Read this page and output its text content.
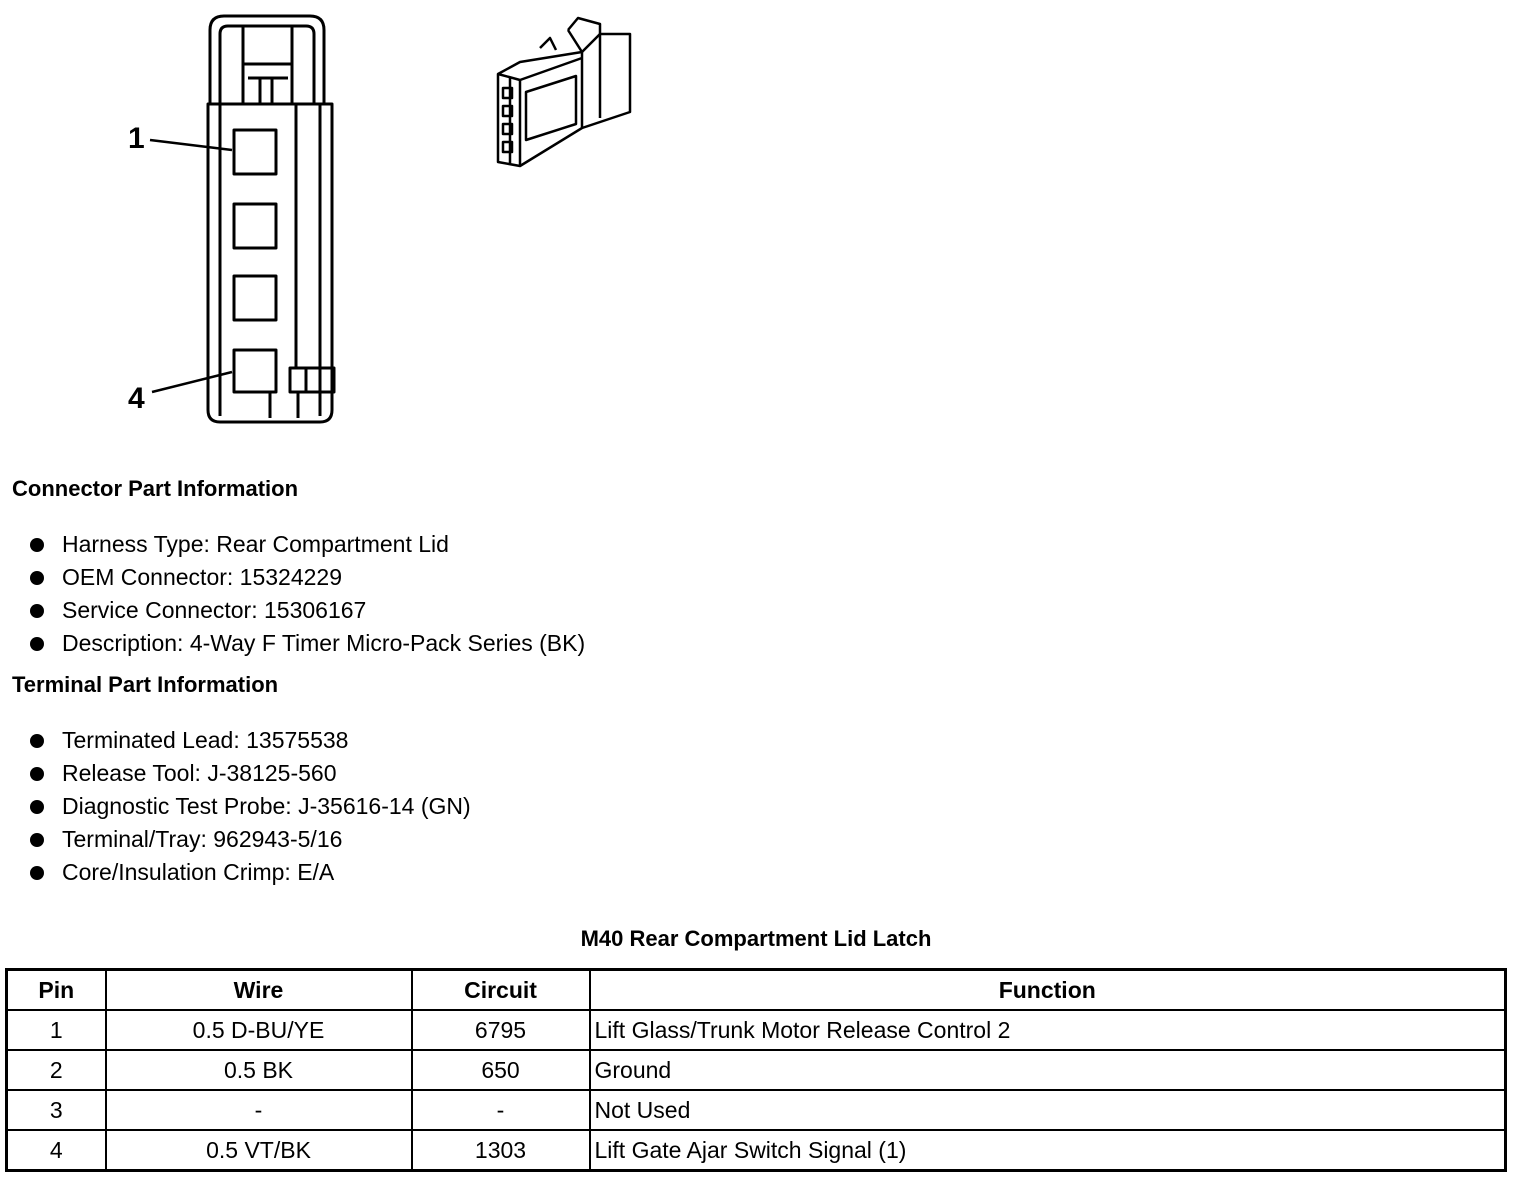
1
4
Connector Part Information
Harness Type: Rear Compartment Lid
OEM Connector: 15324229
Service Connector: 15306167
Description: 4-Way F Timer Micro-Pack Series (BK)
Terminal Part Information
Terminated Lead: 13575538
Release Tool: J-38125-560
Diagnostic Test Probe: J-35616-14 (GN)
Terminal/Tray: 962943-5/16
Core/Insulation Crimp: E/A
M40 Rear Compartment Lid Latch
Pin	Wire	Circuit	Function
1	0.5 D-BU/YE	6795	Lift Glass/Trunk Motor Release Control 2
2	0.5 BK	650	Ground
3	-	-	Not Used
4	0.5 VT/BK	1303	Lift Gate Ajar Switch Signal (1)
